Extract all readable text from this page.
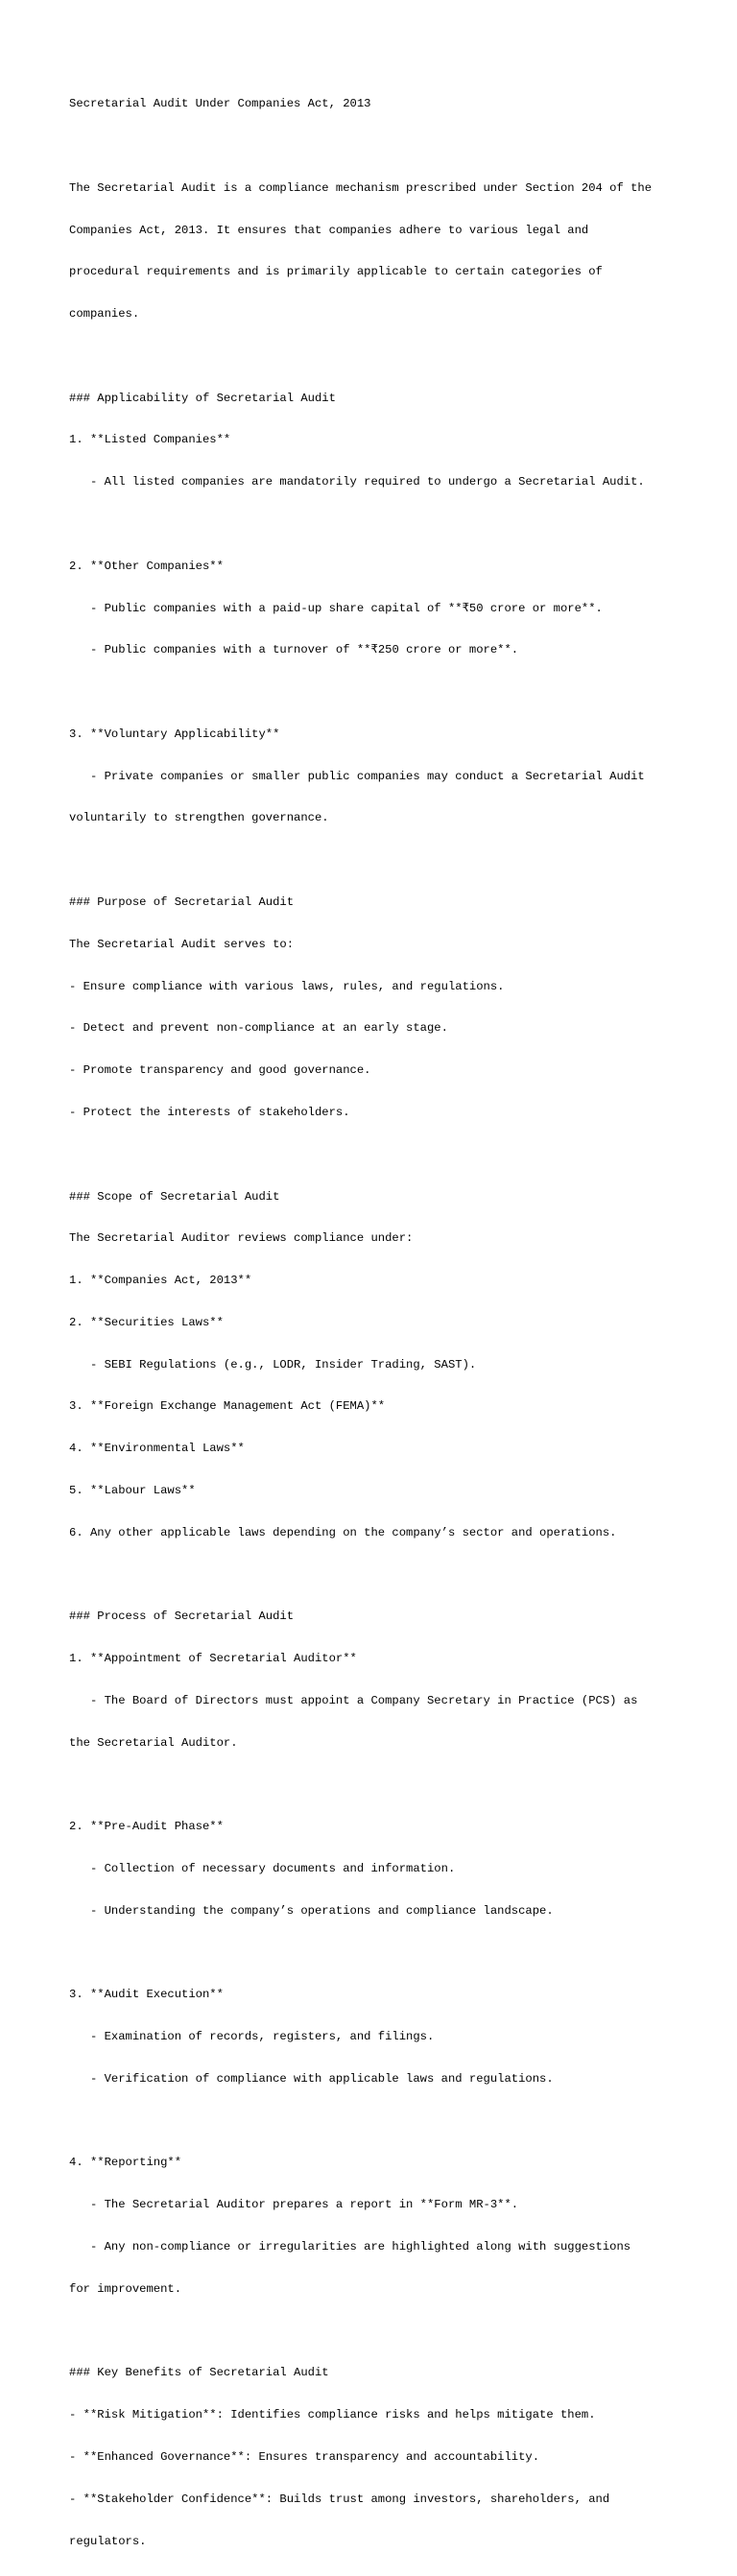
Secretarial Audit Under Companies Act, 2013

The Secretarial Audit is a compliance mechanism prescribed under Section 204 of the

Companies Act, 2013. It ensures that companies adhere to various legal and

procedural requirements and is primarily applicable to certain categories of

companies.

### Applicability of Secretarial Audit

1. **Listed Companies**

- All listed companies are mandatorily required to undergo a Secretarial Audit.

2. **Other Companies**

- Public companies with a paid-up share capital of **₹50 crore or more**.

- Public companies with a turnover of **₹250 crore or more**.

3. **Voluntary Applicability**

- Private companies or smaller public companies may conduct a Secretarial Audit

voluntarily to strengthen governance.

### Purpose of Secretarial Audit

The Secretarial Audit serves to:

- Ensure compliance with various laws, rules, and regulations.

- Detect and prevent non-compliance at an early stage.

- Promote transparency and good governance.

- Protect the interests of stakeholders.

### Scope of Secretarial Audit

The Secretarial Auditor reviews compliance under:

1. **Companies Act, 2013**

2. **Securities Laws**

- SEBI Regulations (e.g., LODR, Insider Trading, SAST).

3. **Foreign Exchange Management Act (FEMA)**

4. **Environmental Laws**

5. **Labour Laws**

6. Any other applicable laws depending on the company’s sector and operations.

### Process of Secretarial Audit

1. **Appointment of Secretarial Auditor**

- The Board of Directors must appoint a Company Secretary in Practice (PCS) as

the Secretarial Auditor.

2. **Pre-Audit Phase**

- Collection of necessary documents and information.

- Understanding the company’s operations and compliance landscape.

3. **Audit Execution**

- Examination of records, registers, and filings.

- Verification of compliance with applicable laws and regulations.

4. **Reporting**

- The Secretarial Auditor prepares a report in **Form MR-3**.

- Any non-compliance or irregularities are highlighted along with suggestions

for improvement.

### Key Benefits of Secretarial Audit

- **Risk Mitigation**: Identifies compliance risks and helps mitigate them.

- **Enhanced Governance**: Ensures transparency and accountability.

- **Stakeholder Confidence**: Builds trust among investors, shareholders, and

regulators.
